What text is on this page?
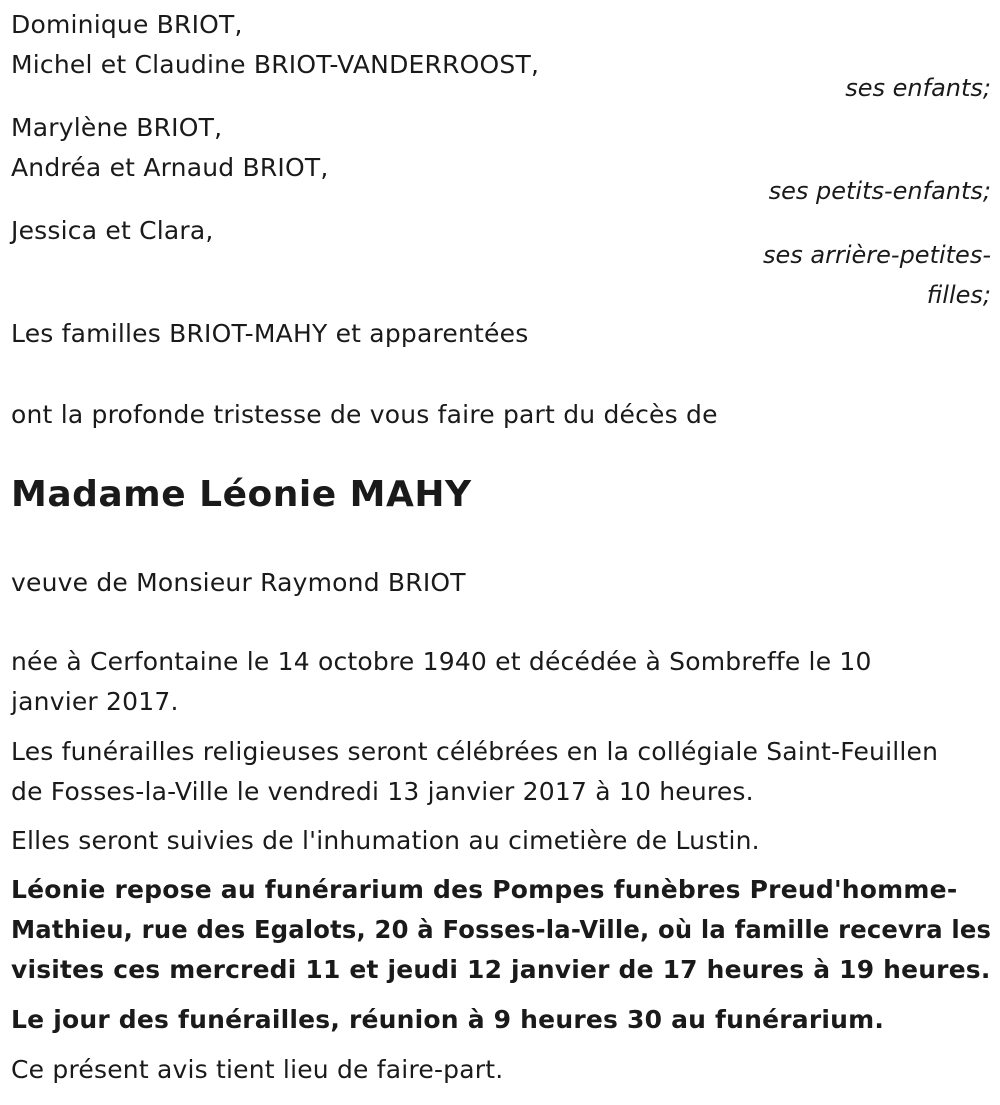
Dominique BRIOT,
Michel et Claudine BRIOT-VANDERROOST,
ses enfants;
Marylène BRIOT,
Andréa et Arnaud BRIOT,
ses petits-enfants;
Jessica et Clara,
ses arrière-petites-
filles;
Les familles BRIOT-MAHY et apparentées
ont la profonde tristesse de vous faire part du décès de
Madame Léonie MAHY
veuve de Monsieur Raymond BRIOT
née à Cerfontaine le 14 octobre 1940 et décédée à Sombreffe le 10
janvier 2017.
Les funérailles religieuses seront célébrées en la collégiale Saint-Feuillen
de Fosses-la-Ville le vendredi 13 janvier 2017 à 10 heures.
Elles seront suivies de l'inhumation au cimetière de Lustin.
Léonie repose au funérarium des Pompes funèbres Preud'homme-
Mathieu, rue des Egalots, 20 à Fosses-la-Ville, où la famille recevra les
visites ces mercredi 11 et jeudi 12 janvier de 17 heures à 19 heures.
Le jour des funérailles, réunion à 9 heures 30 au funérarium.
Ce présent avis tient lieu de faire-part.
